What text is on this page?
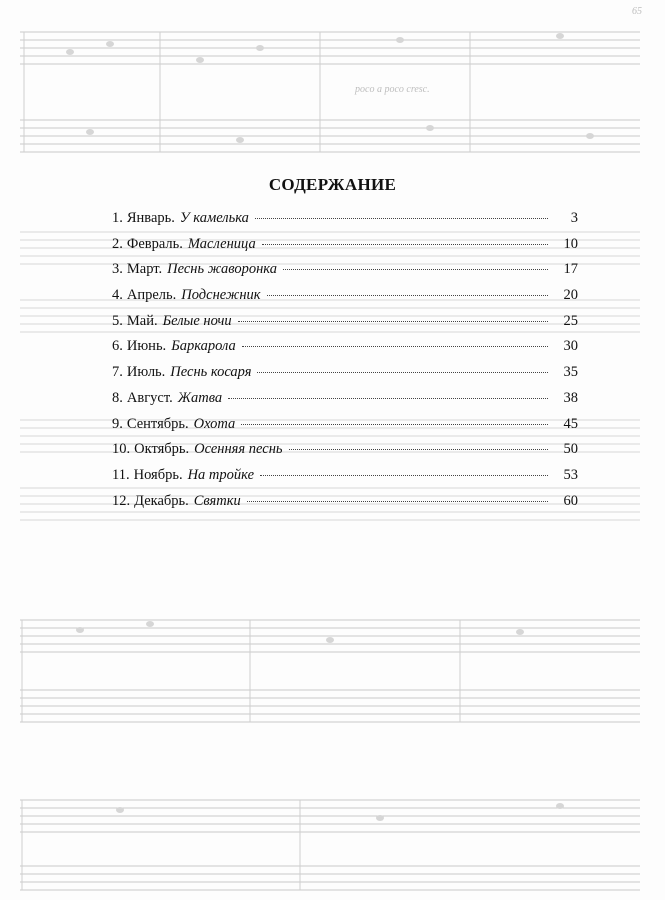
65
poco a poco cresc.
СОДЕРЖАНИЕ
1. Январь. У камелька	3
2. Февраль. Масленица	10
3. Март. Песнь жаворонка	17
4. Апрель. Подснежник	20
5. Май. Белые ночи	25
6. Июнь. Баркарола	30
7. Июль. Песнь косаря	35
8. Август. Жатва	38
9. Сентябрь. Охота	45
10. Октябрь. Осенняя песнь	50
11. Ноябрь. На тройке	53
12. Декабрь. Святки	60
